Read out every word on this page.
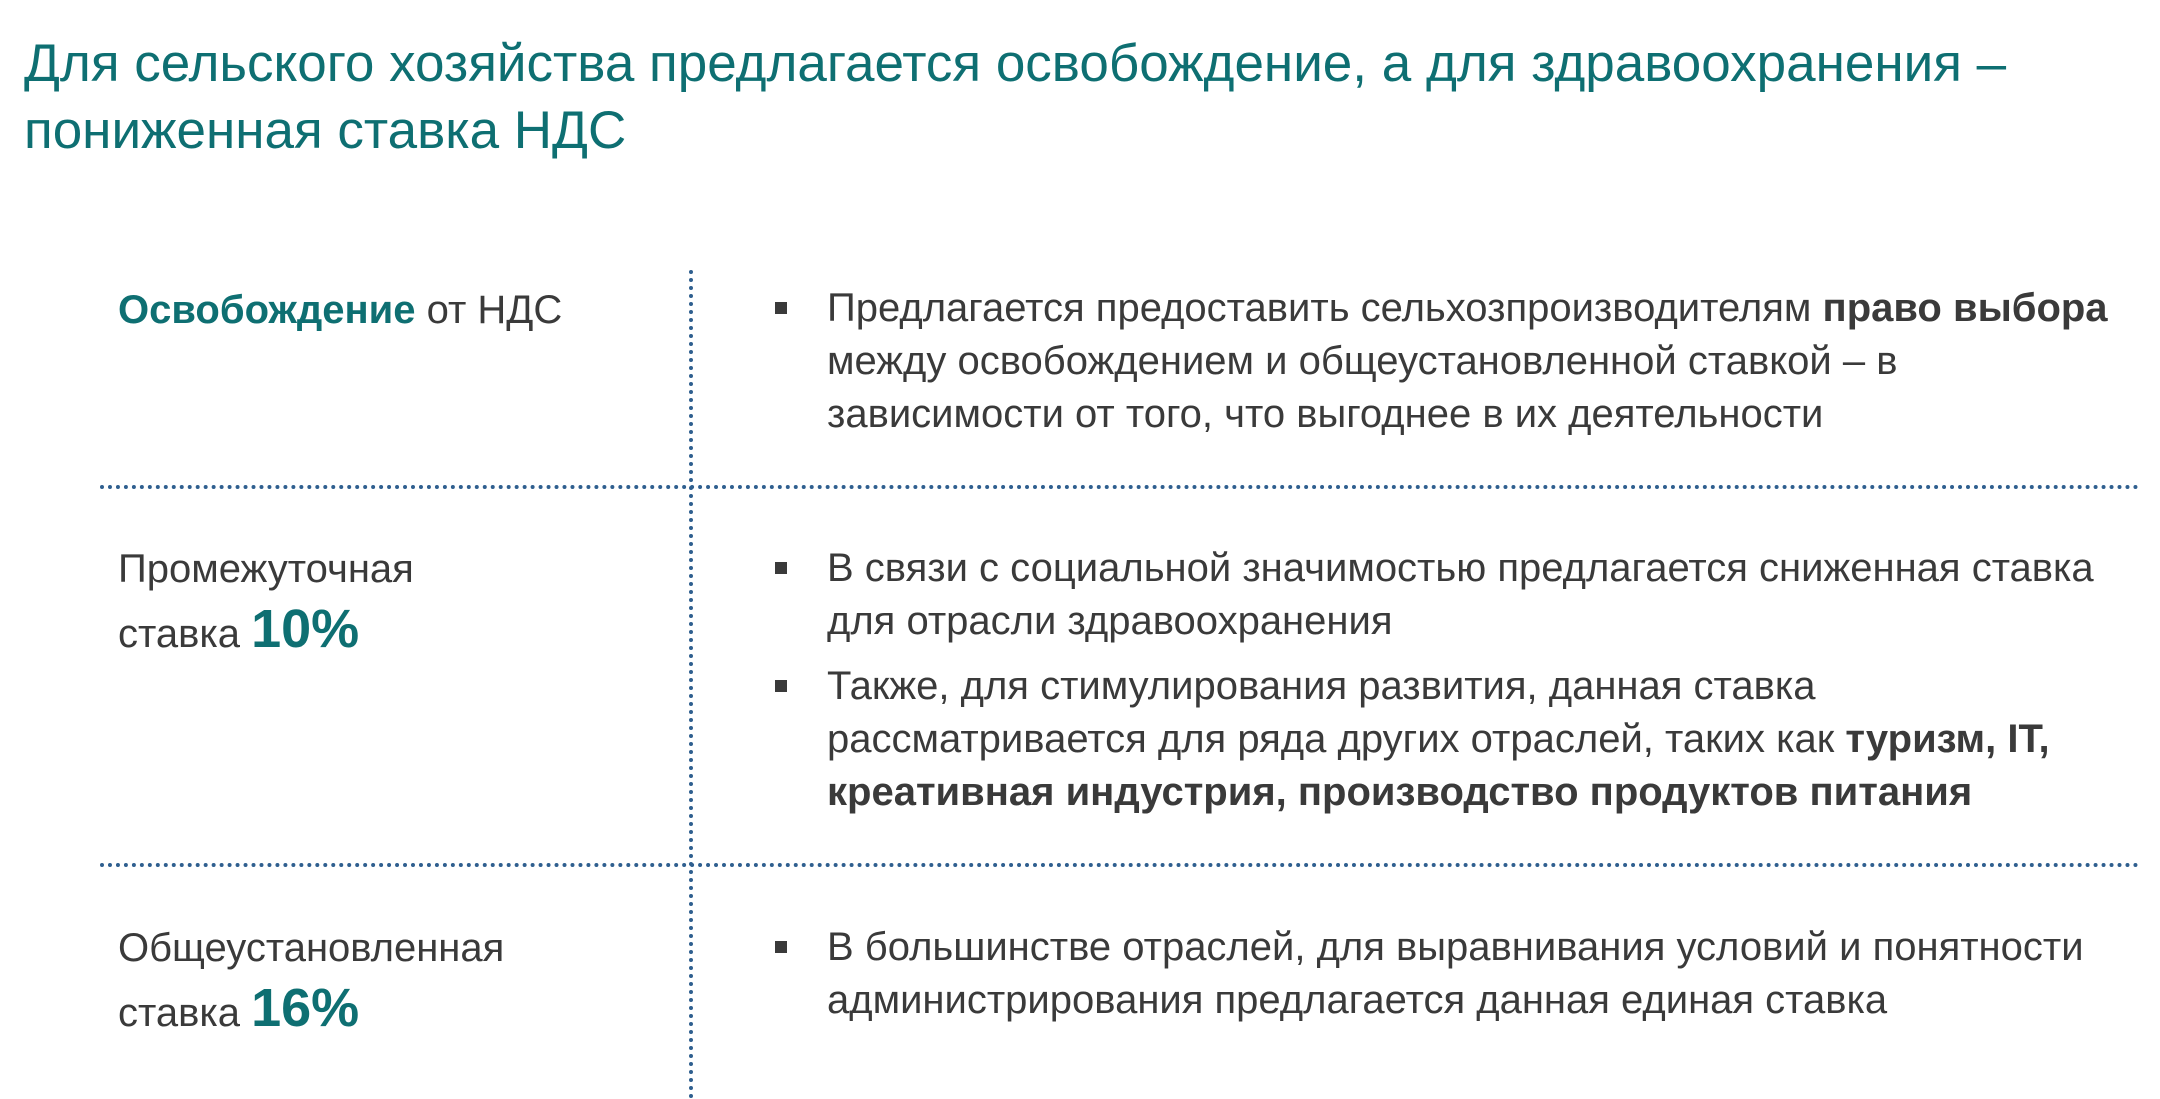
Для сельского хозяйства предлагается освобождение, а для здравоохранения – пониженная ставка НДС
Освобождение от НДС	Предлагается предоставить сельхозпроизводителям право выбора между освобождением и общеустановленной ставкой – в зависимости от того, что выгоднее в их деятельности
Промежуточная
ставка 10%
В связи с социальной значимостью предлагается сниженная ставка для отрасли здравоохранения
Также, для стимулирования развития, данная ставка рассматривается для ряда других отраслей, таких как туризм, IT, креативная индустрия, производство продуктов питания
Общеустановленная
ставка 16%
В большинстве отраслей, для выравнивания условий и понятности администрирования предлагается данная единая ставка
